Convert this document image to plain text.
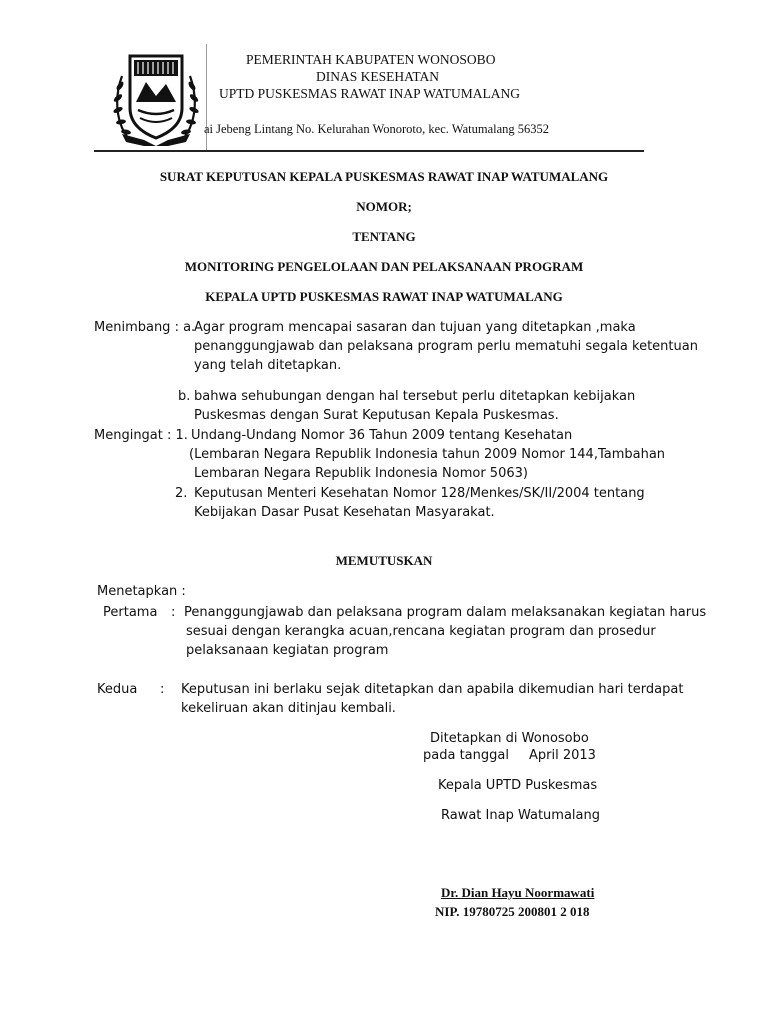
PEMERINTAH KABUPATEN WONOSOBO
DINAS KESEHATAN
UPTD PUSKESMAS RAWAT INAP WATUMALANG
ai Jebeng Lintang No. Kelurahan Wonoroto, kec. Watumalang 56352
SURAT KEPUTUSAN KEPALA PUSKESMAS RAWAT INAP WATUMALANG
NOMOR;
TENTANG
MONITORING PENGELOLAAN DAN PELAKSANAAN PROGRAM
KEPALA UPTD PUSKESMAS RAWAT INAP WATUMALANG
Menimbang : a.
Agar program mencapai sasaran dan tujuan yang ditetapkan ,maka
penanggungjawab dan pelaksana program perlu mematuhi segala ketentuan
yang telah ditetapkan.
b. bahwa sehubungan dengan hal tersebut perlu ditetapkan kebijakan
Puskesmas dengan Surat Keputusan Kepala Puskesmas.
Mengingat : 1. Undang-Undang Nomor 36 Tahun 2009 tentang Kesehatan
(Lembaran Negara Republik Indonesia tahun 2009 Nomor 144,Tambahan
Lembaran Negara Republik Indonesia Nomor 5063)
2. Keputusan Menteri Kesehatan Nomor 128/Menkes/SK/II/2004 tentang
Kebijakan Dasar Pusat Kesehatan Masyarakat.
MEMUTUSKAN
Menetapkan :
Pertama : Penanggungjawab dan pelaksana program dalam melaksanakan kegiatan harus
sesuai dengan kerangka acuan,rencana kegiatan program dan prosedur
pelaksanaan kegiatan program
Kedua : Keputusan ini berlaku sejak ditetapkan dan apabila dikemudian hari terdapat
kekeliruan akan ditinjau kembali.
Ditetapkan di Wonosobo
pada tanggal April 2013
Kepala UPTD Puskesmas
Rawat Inap Watumalang
Dr. Dian Hayu Noormawati
NIP. 19780725 200801 2 018
